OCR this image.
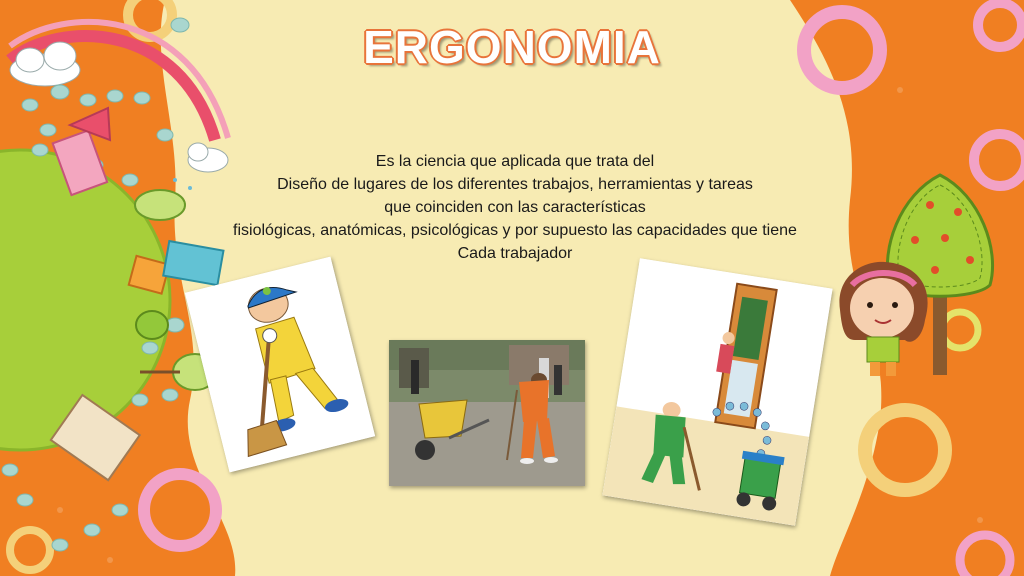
ERGONOMIA
Es la ciencia que aplicada que trata del
Diseño de lugares de los diferentes trabajos, herramientas y tareas
que coinciden con las características
fisiológicas, anatómicas, psicológicas y por supuesto las capacidades que tiene
Cada trabajador
